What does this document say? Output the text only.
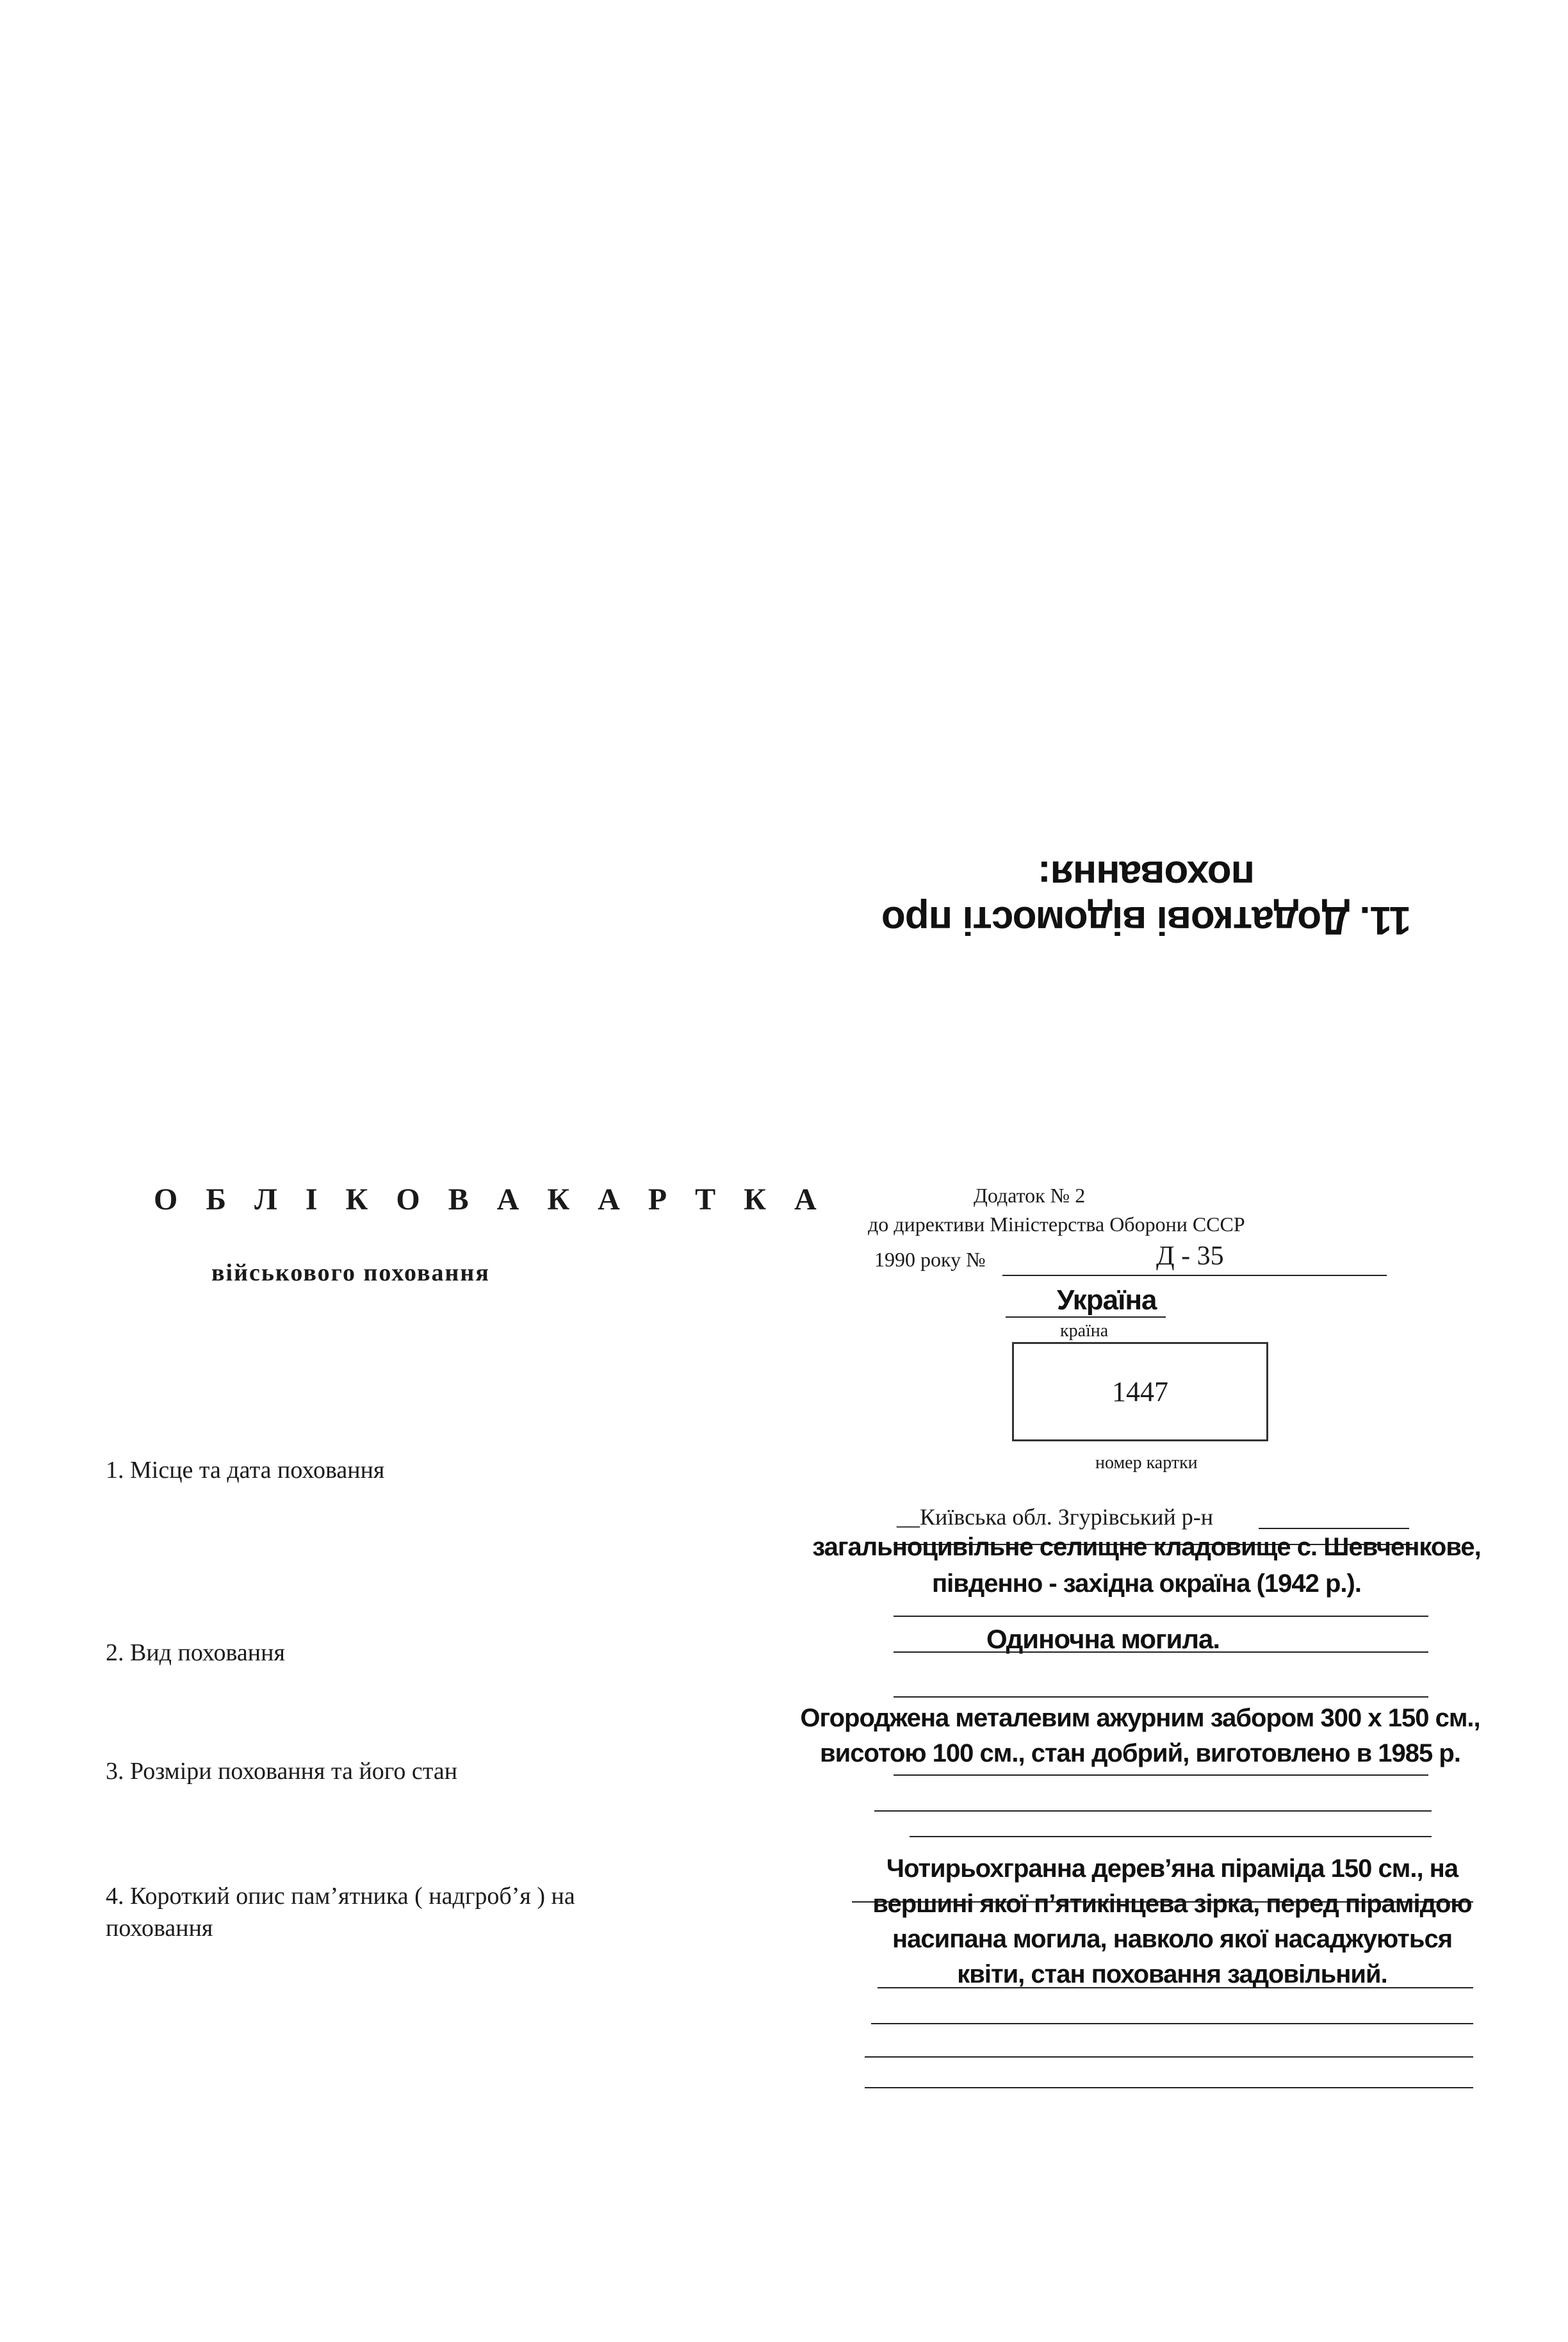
11. Додаткові відомості про поховання:
О Б Л І К О В А К А Р Т К А
військового поховання
1. Місце та дата поховання
2. Вид поховання
3. Розміри поховання та його стан
4. Короткий опис пам’ятника ( надгроб’я ) на поховання
Додаток № 2
до директиви Міністерства Оборони СССР
1990 року №	Д - 35
Україна
країна
1447
номер картки
__Київська обл. Згурівський р-н
загальноцивільне селищне кладовище с. Шевченкове,
південно - західна окраїна (1942 р.).
Одиночна могила.
Огороджена металевим ажурним забором 300 х 150 см.,
висотою 100 см., стан добрий, виготовлено в 1985 р.
Чотирьохгранна дерев’яна піраміда 150 см., на
вершині якої п’ятикінцева зірка, перед пірамідою
насипана могила, навколо якої насаджуються
квіти, стан поховання задовільний.
